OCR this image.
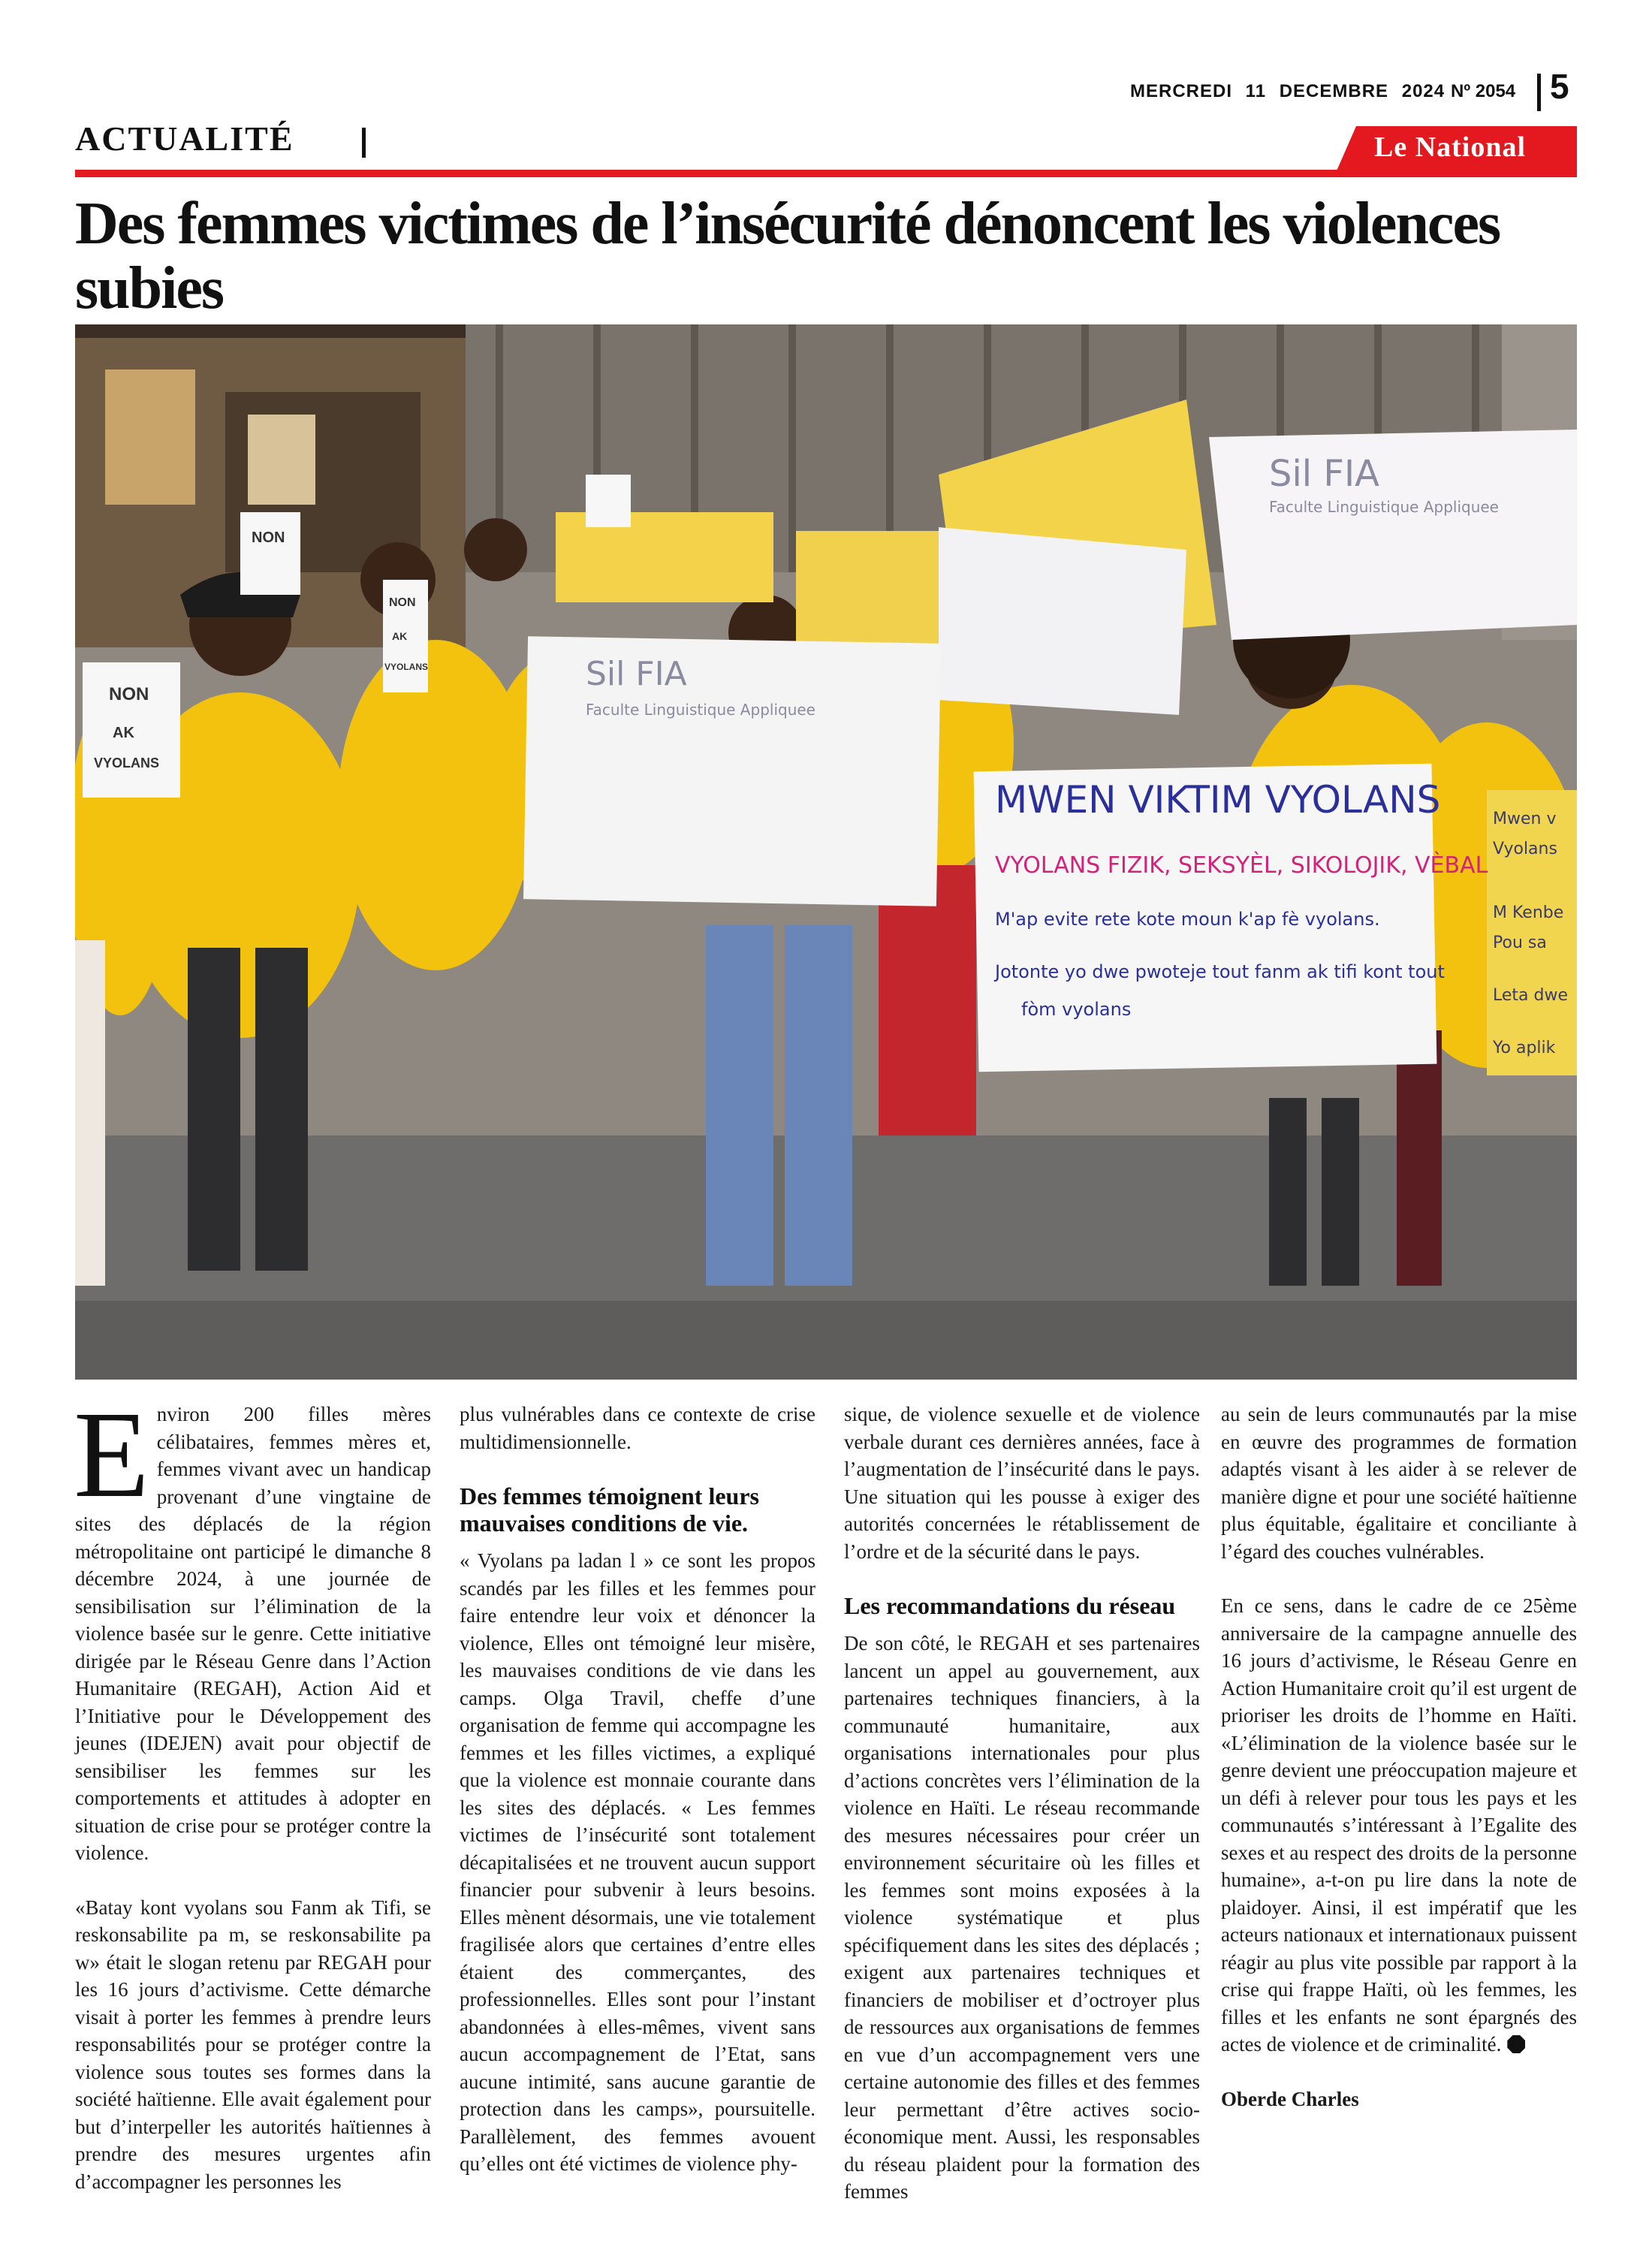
MERCREDI 11 DECEMBRE 2024 Nº 2054 5
ACTUALITÉ	Le National
Des femmes victimes de l’insécurité dénoncent les violences subies
NON
AK
VYOLANS
NON
NON
AK
VYOLANS	Sil FIA
Faculte Linguistique Appliquee
Sil FIA
Faculte Linguistique Appliquee
MWEN VIKTIM VYOLANS
VYOLANS FIZIK, SEKSYÈL, SIKOLOJIK, VÈBAL
M'ap evite rete kote moun k'ap fè vyolans.
Jotonte yo dwe pwoteje tout fanm ak tifi kont tout
fòm vyolans
Mwen v
Vyolans
M Kenbe
Pou sa
Leta dwe
Yo aplik

Environ 200 filles mères célibataires, femmes mères et, femmes vivant avec un handicap provenant d’une vingtaine de sites des déplacés de la région métropolitaine ont participé le dimanche 8 décembre 2024, à une journée de sensibilisation sur l’élimination de la violence basée sur le genre. Cette initiative dirigée par le Réseau Genre dans l’Action Humanitaire (REGAH), Action Aid et l’Initiative pour le Développement des jeunes (IDEJEN) avait pour objectif de sensibiliser les femmes sur les comportements et attitudes à adopter en situation de crise pour se protéger contre la violence.

«Batay kont vyolans sou Fanm ak Tifi, se reskonsabilite pa m, se reskonsabilite pa w» était le slogan retenu par REGAH pour les 16 jours d’activisme. Cette démarche visait à porter les femmes à prendre leurs responsabilités pour se protéger contre la violence sous toutes ses formes dans la société haïtienne. Elle avait également pour but d’interpeller les autorités haïtiennes à prendre des mesures urgentes afin d’accompagner les personnes les

plus vulnérables dans ce contexte de crise multidimensionnelle.

Des femmes témoignent leurs mauvaises conditions de vie.

« Vyolans pa ladan l » ce sont les propos scandés par les filles et les femmes pour faire entendre leur voix et dénoncer la violence, Elles ont témoigné leur misère, les mauvaises conditions de vie dans les camps. Olga Travil, cheffe d’une organisation de femme qui accompagne les femmes et les filles victimes, a expliqué que la violence est monnaie courante dans les sites des déplacés. « Les femmes victimes de l’insécurité sont totalement décapitalisées et ne trouvent aucun support financier pour subvenir à leurs besoins. Elles mènent désormais, une vie totalement fragilisée alors que certaines d’entre elles étaient des commerçantes, des professionnelles. Elles sont pour l’instant abandonnées à elles-mêmes, vivent sans aucun accompagnement de l’Etat, sans aucune intimité, sans aucune garantie de protection dans les camps», poursuitelle. Parallèlement, des femmes avouent qu’elles ont été victimes de violence phy-

sique, de violence sexuelle et de violence verbale durant ces dernières années, face à l’augmentation de l’insécurité dans le pays. Une situation qui les pousse à exiger des autorités concernées le rétablissement de l’ordre et de la sécurité dans le pays.

Les recommandations du réseau

De son côté, le REGAH et ses partenaires lancent un appel au gouvernement, aux partenaires techniques financiers, à la communauté humanitaire, aux organisations internationales pour plus d’actions concrètes vers l’élimination de la violence en Haïti. Le réseau recommande des mesures nécessaires pour créer un environnement sécuritaire où les filles et les femmes sont moins exposées à la violence systématique et plus spécifiquement dans les sites des déplacés ; exigent aux partenaires techniques et financiers de mobiliser et d’octroyer plus de ressources aux organisations de femmes en vue d’un accompagnement vers une certaine autonomie des filles et des femmes leur permettant d’être actives socio-économique ment. Aussi, les responsables du réseau plaident pour la formation des femmes

au sein de leurs communautés par la mise en œuvre des programmes de formation adaptés visant à les aider à se relever de manière digne et pour une société haïtienne plus équitable, égalitaire et conciliante à l’égard des couches vulnérables.

En ce sens, dans le cadre de ce 25ème anniversaire de la campagne annuelle des 16 jours d’activisme, le Réseau Genre en Action Humanitaire croit qu’il est urgent de prioriser les droits de l’homme en Haïti. «L’élimination de la violence basée sur le genre devient une préoccupation majeure et un défi à relever pour tous les pays et les communautés s’intéressant à l’Egalite des sexes et au respect des droits de la personne humaine», a-t-on pu lire dans la note de plaidoyer. Ainsi, il est impératif que les acteurs nationaux et internationaux puissent réagir au plus vite possible par rapport à la crise qui frappe Haïti, où les femmes, les filles et les enfants ne sont épargnés des actes de violence et de criminalité.

Oberde Charles
